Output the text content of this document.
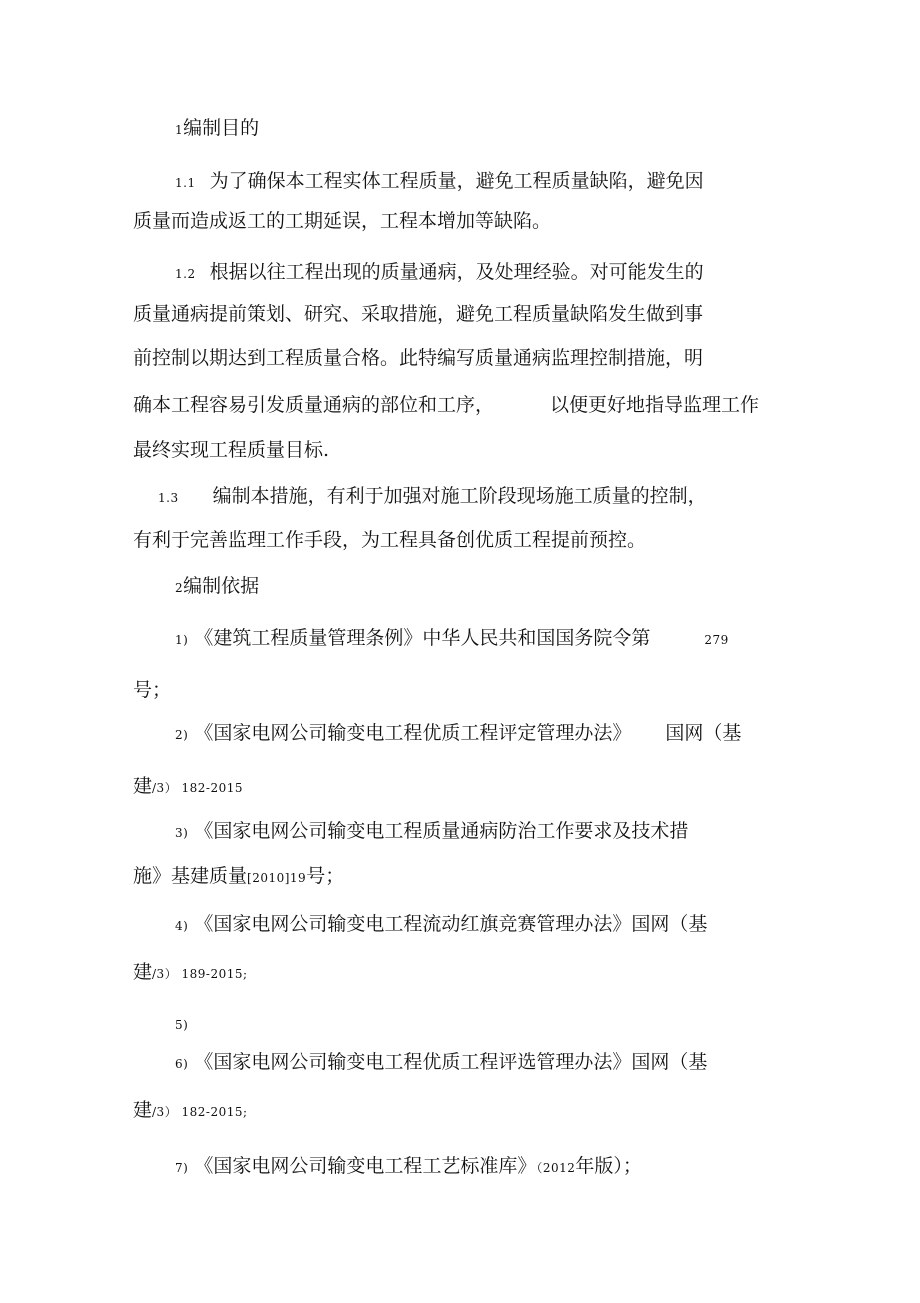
1编制目的
1.1 为了确保本工程实体工程质量，避免工程质量缺陷，避免因
质量而造成返工的工期延误，工程本增加等缺陷。
1.2 根据以往工程出现的质量通病，及处理经验。对可能发生的
质量通病提前策划、研究、采取措施，避免工程质量缺陷发生做到事
前控制以期达到工程质量合格。此特编写质量通病监理控制措施，明
确本工程容易引发质量通病的部位和工序，	以便更好地指导监理工作
最终实现工程质量目标.
1.3 编制本措施，有利于加强对施工阶段现场施工质量的控制，
有利于完善监理工作手段，为工程具备创优质工程提前预控。
2编制依据
1) 《建筑工程质量管理条例》中华人民共和国国务院令第	279
号；
2) 《国家电网公司输变电工程优质工程评定管理办法》 国网（基
建/3） 182-2015
3) 《国家电网公司输变电工程质量通病防治工作要求及技术措
施》基建质量[2010]19号；
4) 《国家电网公司输变电工程流动红旗竞赛管理办法》国网（基
建/3） 189-2015;
5)
6) 《国家电网公司输变电工程优质工程评选管理办法》国网（基
建/3） 182-2015;
7) 《国家电网公司输变电工程工艺标准库》（2012年版）；
